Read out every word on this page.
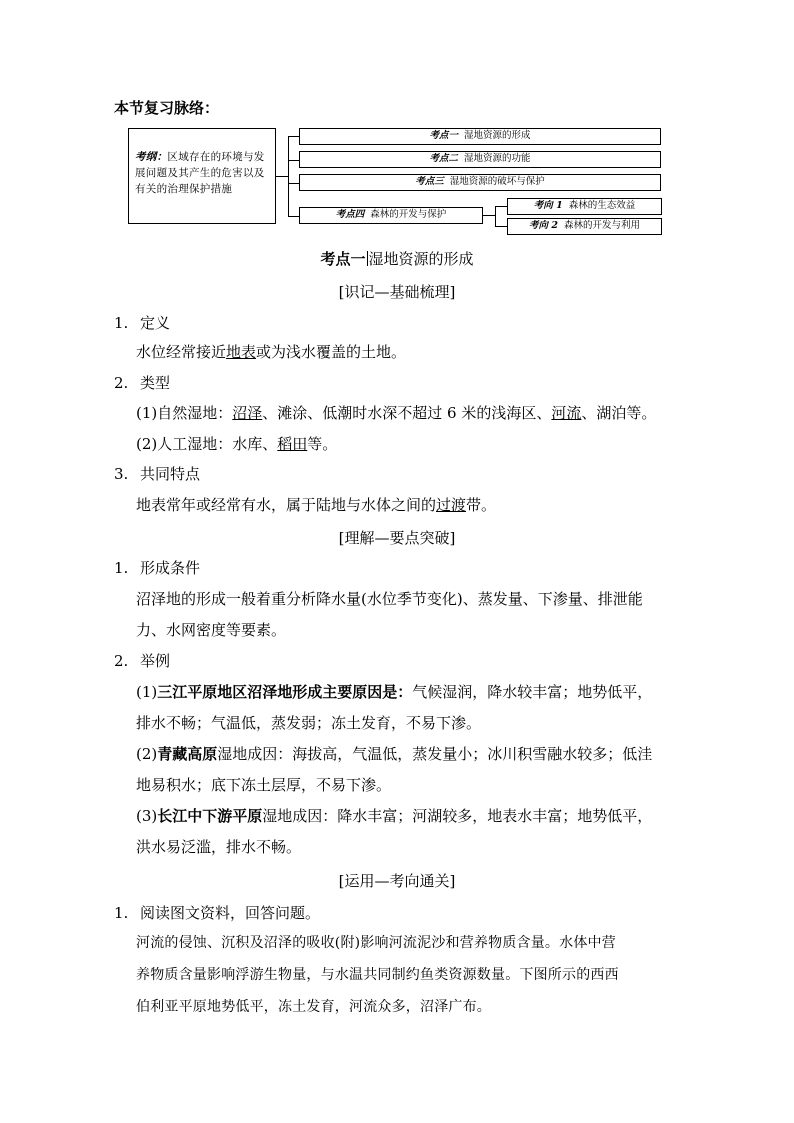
本节复习脉络：
考纲：区域存在的环境与发
展问题及其产生的危害以及
有关的治理保护措施
考点一 湿地资源的形成
考点二 湿地资源的功能
考点三 湿地资源的破坏与保护
考点四 森林的开发与保护
考向 1 森林的生态效益
考向 2 森林的开发与利用
考点一 湿地资源的形成
[识记—基础梳理]
1. 定义
水位经常接近地表或为浅水覆盖的土地。
2. 类型
(1)自然湿地：沼泽、滩涂、低潮时水深不超过 6 米的浅海区、河流、湖泊等。
(2)人工湿地：水库、稻田等。
3. 共同特点
地表常年或经常有水，属于陆地与水体之间的过渡带。
[理解—要点突破]
1. 形成条件
沼泽地的形成一般着重分析降水量(水位季节变化)、蒸发量、下渗量、排泄能
力、水网密度等要素。
2. 举例
(1)三江平原地区沼泽地形成主要原因是：气候湿润，降水较丰富；地势低平，
排水不畅；气温低，蒸发弱；冻土发育，不易下渗。
(2)青藏高原湿地成因：海拔高，气温低，蒸发量小；冰川积雪融水较多；低洼
地易积水；底下冻土层厚，不易下渗。
(3)长江中下游平原湿地成因：降水丰富；河湖较多，地表水丰富；地势低平，
洪水易泛滥，排水不畅。
[运用—考向通关]
1. 阅读图文资料，回答问题。
河流的侵蚀、沉积及沼泽的吸收(附)影响河流泥沙和营养物质含量。水体中营
养物质含量影响浮游生物量，与水温共同制约鱼类资源数量。下图所示的西西
伯利亚平原地势低平，冻土发育，河流众多，沼泽广布。
